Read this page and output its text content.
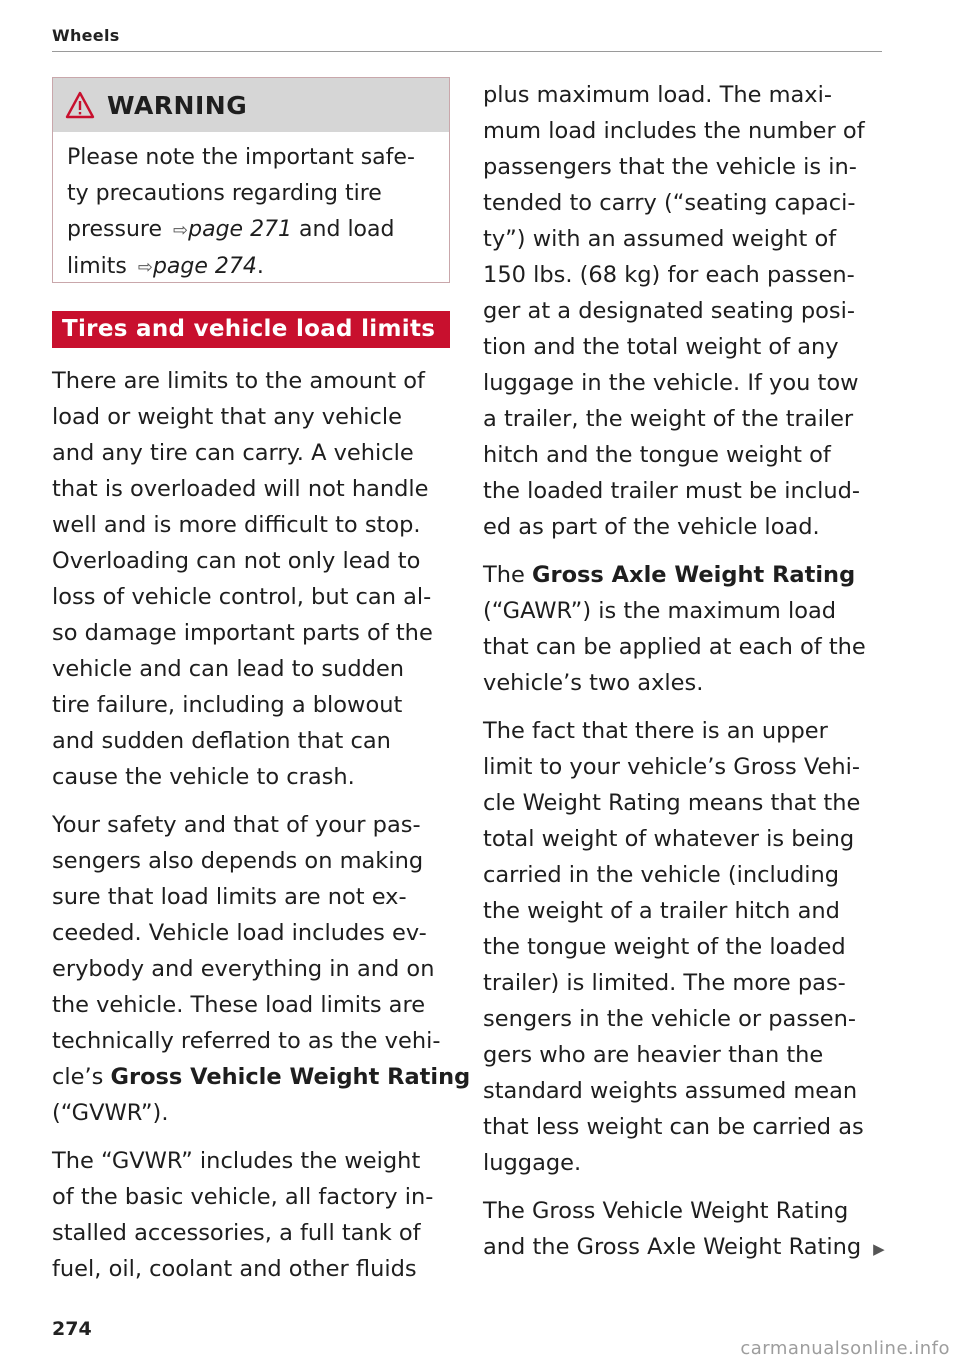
Wheels
WARNING
Please note the important safe-
ty precautions regarding tire
pressure ⇨page 271 and load
limits ⇨page 274.
Tires and vehicle load limits

There are limits to the amount of
load or weight that any vehicle
and any tire can carry. A vehicle
that is overloaded will not handle
well and is more difficult to stop.
Overloading can not only lead to
loss of vehicle control, but can al-
so damage important parts of the
vehicle and can lead to sudden
tire failure, including a blowout
and sudden deflation that can
cause the vehicle to crash.

Your safety and that of your pas-
sengers also depends on making
sure that load limits are not ex-
ceeded. Vehicle load includes ev-
erybody and everything in and on
the vehicle. These load limits are
technically referred to as the vehi-
cle’s Gross Vehicle Weight Rating
(“GVWR”).

The “GVWR” includes the weight
of the basic vehicle, all factory in-
stalled accessories, a full tank of
fuel, oil, coolant and other fluids

plus maximum load. The maxi-
mum load includes the number of
passengers that the vehicle is in-
tended to carry (“seating capaci-
ty”) with an assumed weight of
150 lbs. (68 kg) for each passen-
ger at a designated seating posi-
tion and the total weight of any
luggage in the vehicle. If you tow
a trailer, the weight of the trailer
hitch and the tongue weight of
the loaded trailer must be includ-
ed as part of the vehicle load.

The Gross Axle Weight Rating
(“GAWR”) is the maximum load
that can be applied at each of the
vehicle’s two axles.

The fact that there is an upper
limit to your vehicle’s Gross Vehi-
cle Weight Rating means that the
total weight of whatever is being
carried in the vehicle (including
the weight of a trailer hitch and
the tongue weight of the loaded
trailer) is limited. The more pas-
sengers in the vehicle or passen-
gers who are heavier than the
standard weights assumed mean
that less weight can be carried as
luggage.

The Gross Vehicle Weight Rating
and the Gross Axle Weight Rating ▶

274
carmanualsonline.info
